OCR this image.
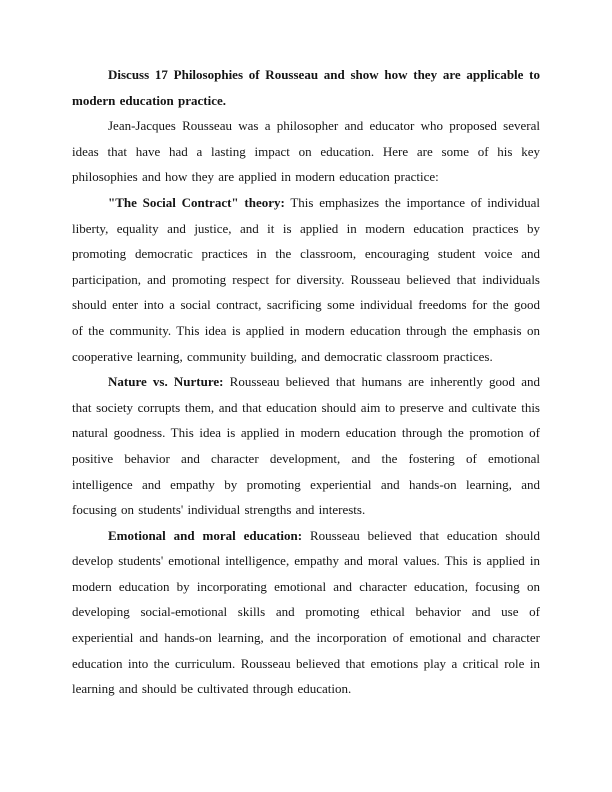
Discuss 17 Philosophies of Rousseau and show how they are applicable to modern education practice.

Jean-Jacques Rousseau was a philosopher and educator who proposed several ideas that have had a lasting impact on education. Here are some of his key philosophies and how they are applied in modern education practice:

"The Social Contract" theory: This emphasizes the importance of individual liberty, equality and justice, and it is applied in modern education practices by promoting democratic practices in the classroom, encouraging student voice and participation, and promoting respect for diversity. Rousseau believed that individuals should enter into a social contract, sacrificing some individual freedoms for the good of the community. This idea is applied in modern education through the emphasis on cooperative learning, community building, and democratic classroom practices.

Nature vs. Nurture: Rousseau believed that humans are inherently good and that society corrupts them, and that education should aim to preserve and cultivate this natural goodness. This idea is applied in modern education through the promotion of positive behavior and character development, and the fostering of emotional intelligence and empathy by promoting experiential and hands-on learning, and focusing on students' individual strengths and interests.

Emotional and moral education: Rousseau believed that education should develop students' emotional intelligence, empathy and moral values. This is applied in modern education by incorporating emotional and character education, focusing on developing social-emotional skills and promoting ethical behavior and use of experiential and hands-on learning, and the incorporation of emotional and character education into the curriculum. Rousseau believed that emotions play a critical role in learning and should be cultivated through education.
